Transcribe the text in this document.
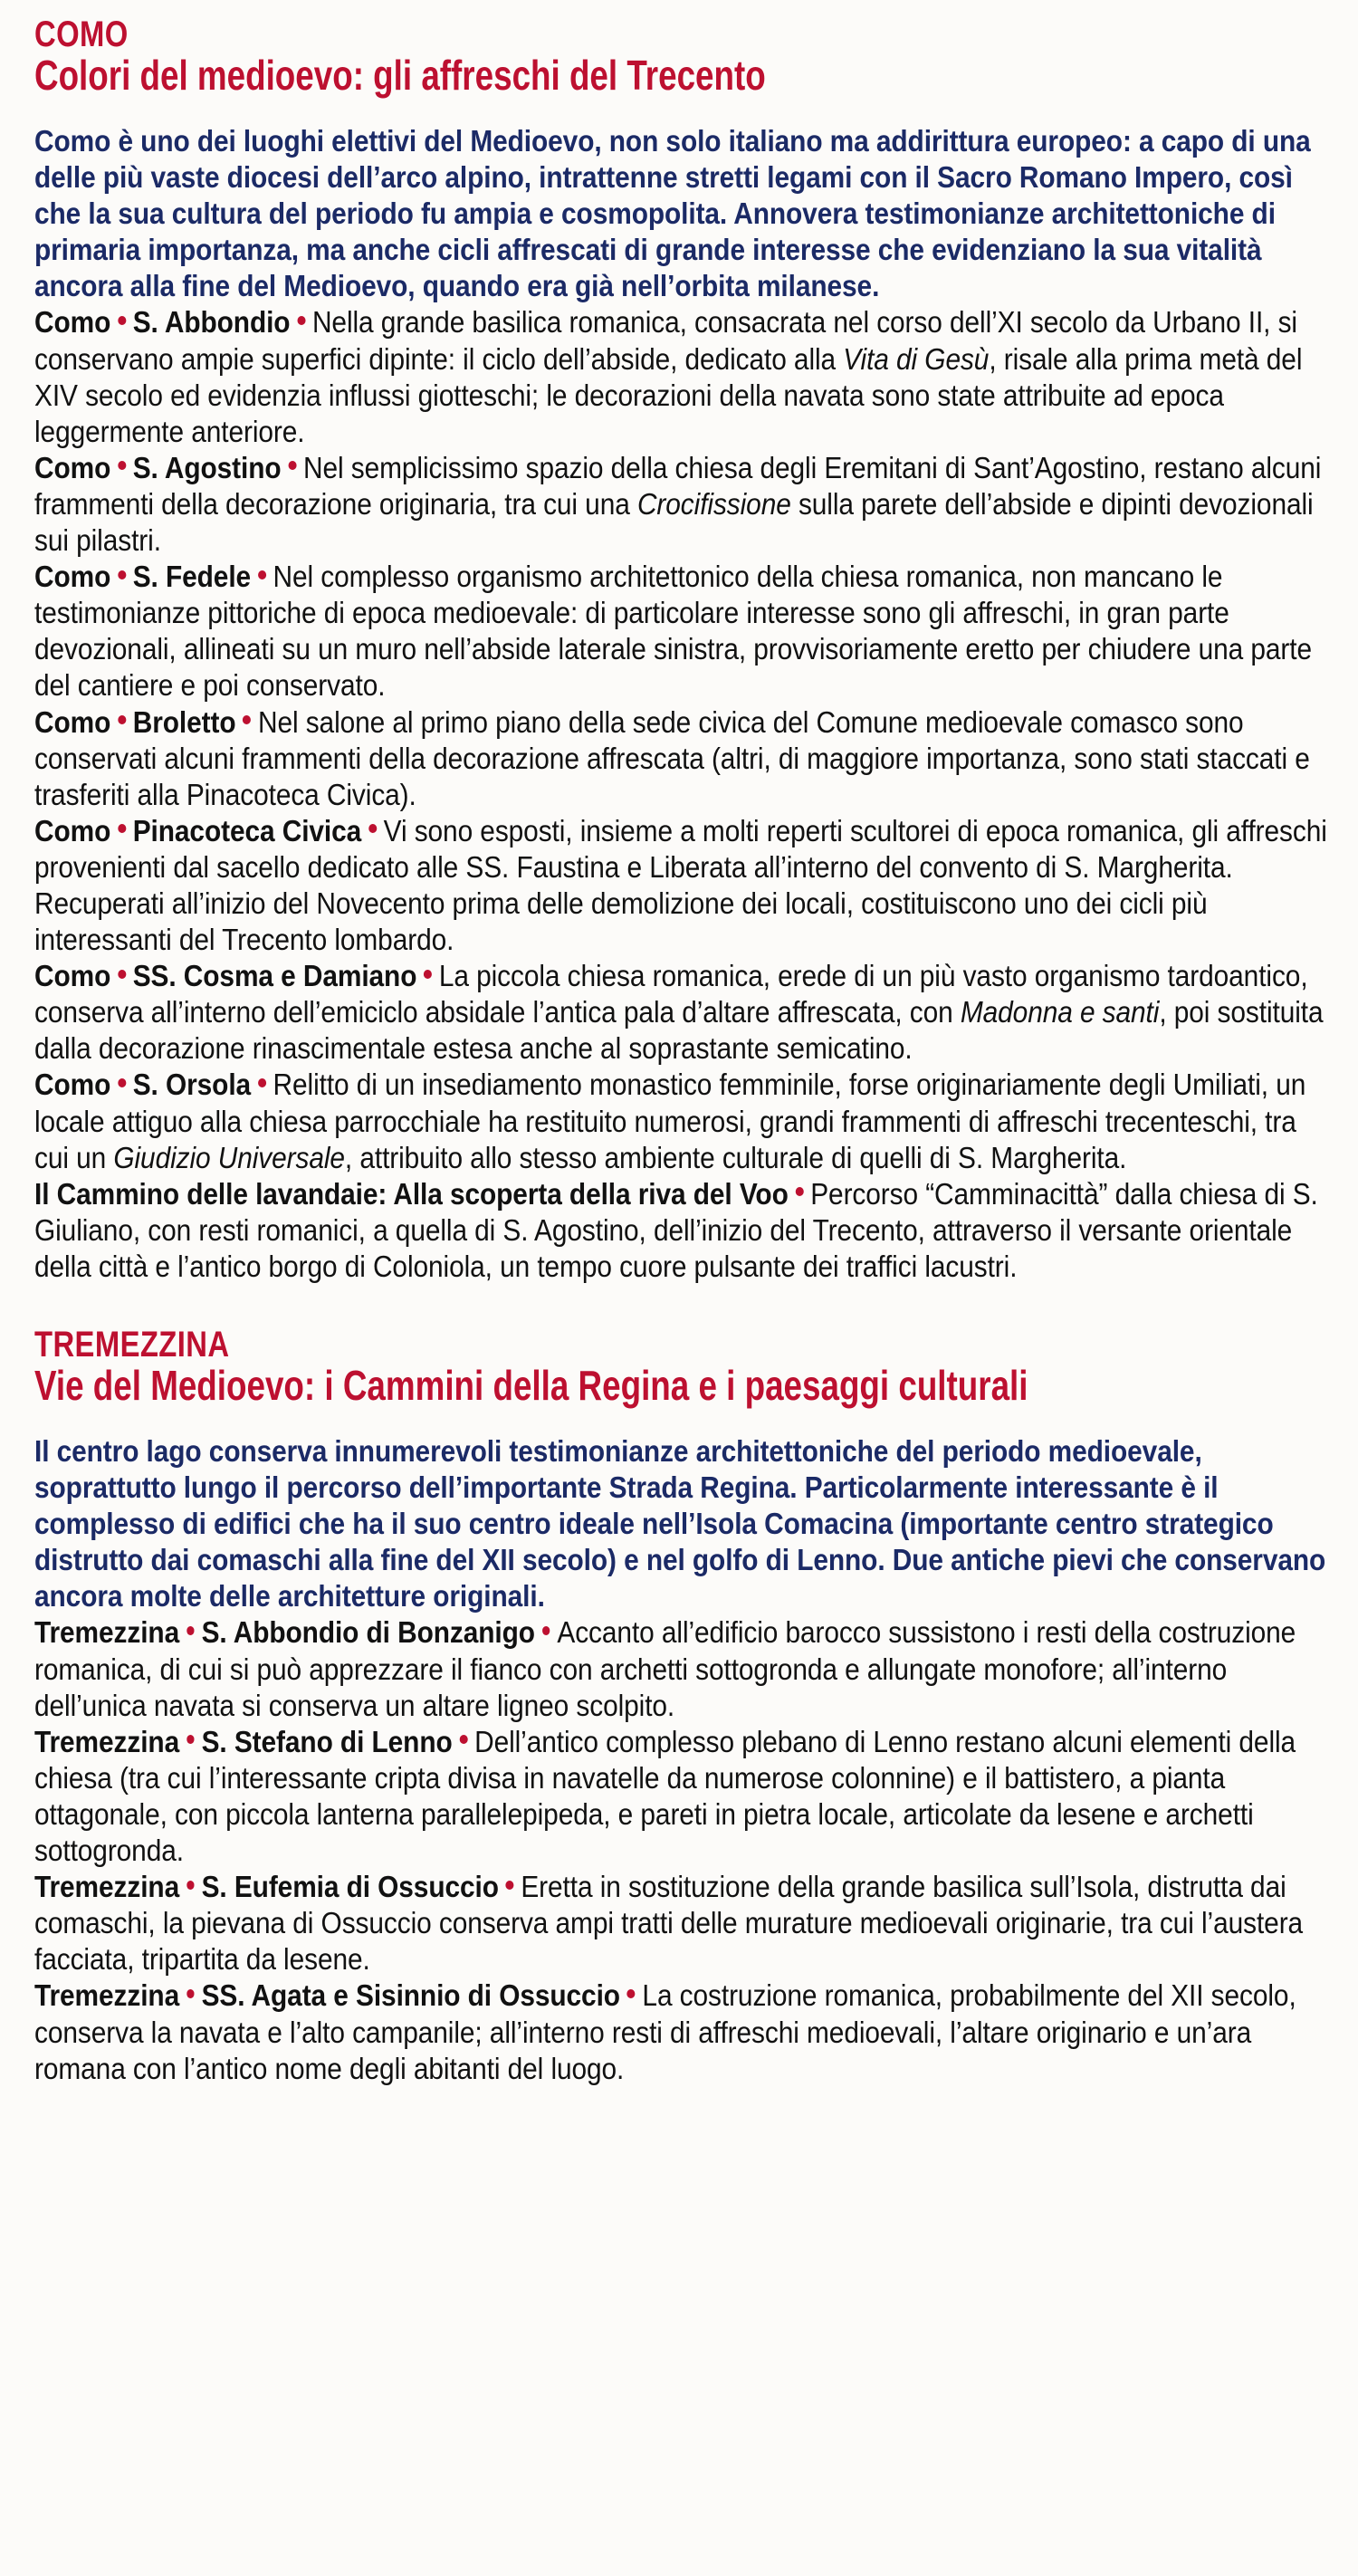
COMO
Colori del medioevo: gli affreschi del Trecento

Como è uno dei luoghi elettivi del Medioevo, non solo italiano ma addirittura europeo: a capo di una delle più vaste diocesi dell’arco alpino, intrattenne stretti legami con il Sacro Romano Impero, così che la sua cultura del periodo fu ampia e cosmopolita. Annovera testimonianze architettoniche di primaria importanza, ma anche cicli affrescati di grande interesse che evidenziano la sua vitalità ancora alla fine del Medioevo, quando era già nell’orbita milanese.

Como S. Abbondio Nella grande basilica romanica, consacrata nel corso dell’XI secolo da Urbano II, si conservano ampie superfici dipinte: il ciclo dell’abside, dedicato alla Vita di Gesù, risale alla prima metà del XIV secolo ed evidenzia influssi giotteschi; le decorazioni della navata sono state attribuite ad epoca leggermente anteriore.

Como S. Agostino Nel semplicissimo spazio della chiesa degli Eremitani di Sant’Agostino, restano alcuni frammenti della decorazione originaria, tra cui una Crocifissione sulla parete dell’abside e dipinti devozionali sui pilastri.

Como S. Fedele Nel complesso organismo architettonico della chiesa romanica, non mancano le testimonianze pittoriche di epoca medioevale: di particolare interesse sono gli affreschi, in gran parte devozionali, allineati su un muro nell’abside laterale sinistra, provvisoriamente eretto per chiudere una parte del cantiere e poi conservato.

Como Broletto Nel salone al primo piano della sede civica del Comune medioevale comasco sono conservati alcuni frammenti della decorazione affrescata (altri, di maggiore importanza, sono stati staccati e trasferiti alla Pinacoteca Civica).

Como Pinacoteca Civica Vi sono esposti, insieme a molti reperti scultorei di epoca romanica, gli affreschi provenienti dal sacello dedicato alle SS. Faustina e Liberata all’interno del convento di S. Margherita. Recuperati all’inizio del Novecento prima delle demolizione dei locali, costituiscono uno dei cicli più interessanti del Trecento lombardo.

Como SS. Cosma e Damiano La piccola chiesa romanica, erede di un più vasto organismo tardoantico, conserva all’interno dell’emiciclo absidale l’antica pala d’altare affrescata, con Madonna e santi, poi sostituita dalla decorazione rinascimentale estesa anche al soprastante semicatino.

Como S. Orsola Relitto di un insediamento monastico femminile, forse originariamente degli Umiliati, un locale attiguo alla chiesa parrocchiale ha restituito numerosi, grandi frammenti di affreschi trecenteschi, tra cui un Giudizio Universale, attribuito allo stesso ambiente culturale di quelli di S. Margherita.

Il Cammino delle lavandaie: Alla scoperta della riva del Voo Percorso “Camminacittà” dalla chiesa di S. Giuliano, con resti romanici, a quella di S. Agostino, dell’inizio del Trecento, attraverso il versante orientale della città e l’antico borgo di Coloniola, un tempo cuore pulsante dei traffici lacustri.

TREMEZZINA
Vie del Medioevo: i Cammini della Regina e i paesaggi culturali

Il centro lago conserva innumerevoli testimonianze architettoniche del periodo medioevale, soprattutto lungo il percorso dell’importante Strada Regina. Particolarmente interessante è il complesso di edifici che ha il suo centro ideale nell’Isola Comacina (importante centro strategico distrutto dai comaschi alla fine del XII secolo) e nel golfo di Lenno. Due antiche pievi che conservano ancora molte delle architetture originali.

Tremezzina S. Abbondio di Bonzanigo Accanto all’edificio barocco sussistono i resti della costruzione romanica, di cui si può apprezzare il fianco con archetti sottogronda e allungate monofore; all’interno dell’unica navata si conserva un altare ligneo scolpito.

Tremezzina S. Stefano di Lenno Dell’antico complesso plebano di Lenno restano alcuni elementi della chiesa (tra cui l’interessante cripta divisa in navatelle da numerose colonnine) e il battistero, a pianta ottagonale, con piccola lanterna parallelepipeda, e pareti in pietra locale, articolate da lesene e archetti sottogronda.

Tremezzina S. Eufemia di Ossuccio Eretta in sostituzione della grande basilica sull’Isola, distrutta dai comaschi, la pievana di Ossuccio conserva ampi tratti delle murature medioevali originarie, tra cui l’austera facciata, tripartita da lesene.

Tremezzina SS. Agata e Sisinnio di Ossuccio La costruzione romanica, probabilmente del XII secolo, conserva la navata e l’alto campanile; all’interno resti di affreschi medioevali, l’altare originario e un’ara romana con l’antico nome degli abitanti del luogo.
